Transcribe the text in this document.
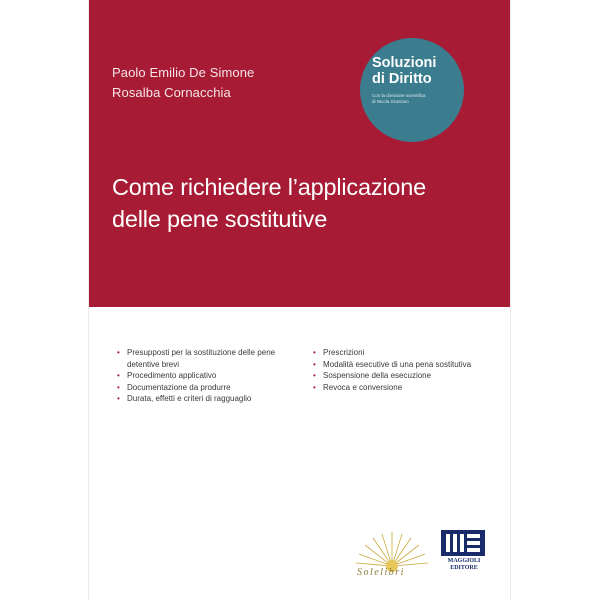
Paolo Emilio De Simone
Rosalba Cornacchia
Soluzioni
di Diritto
Con la direzione scientifica
di Nicola Graziano
Come richiedere l’applicazione
delle pene sostitutive
• Presupposti per la sostituzione delle pene detentive brevi
• Procedimento applicativo
• Documentazione da produrre
• Durata, effetti e criteri di ragguaglio
• Prescrizioni
• Modalità esecutive di una pena sostitutiva
• Sospensione della esecuzione
• Revoca e conversione
Solelibri
MAGGIOLI
EDITORE
